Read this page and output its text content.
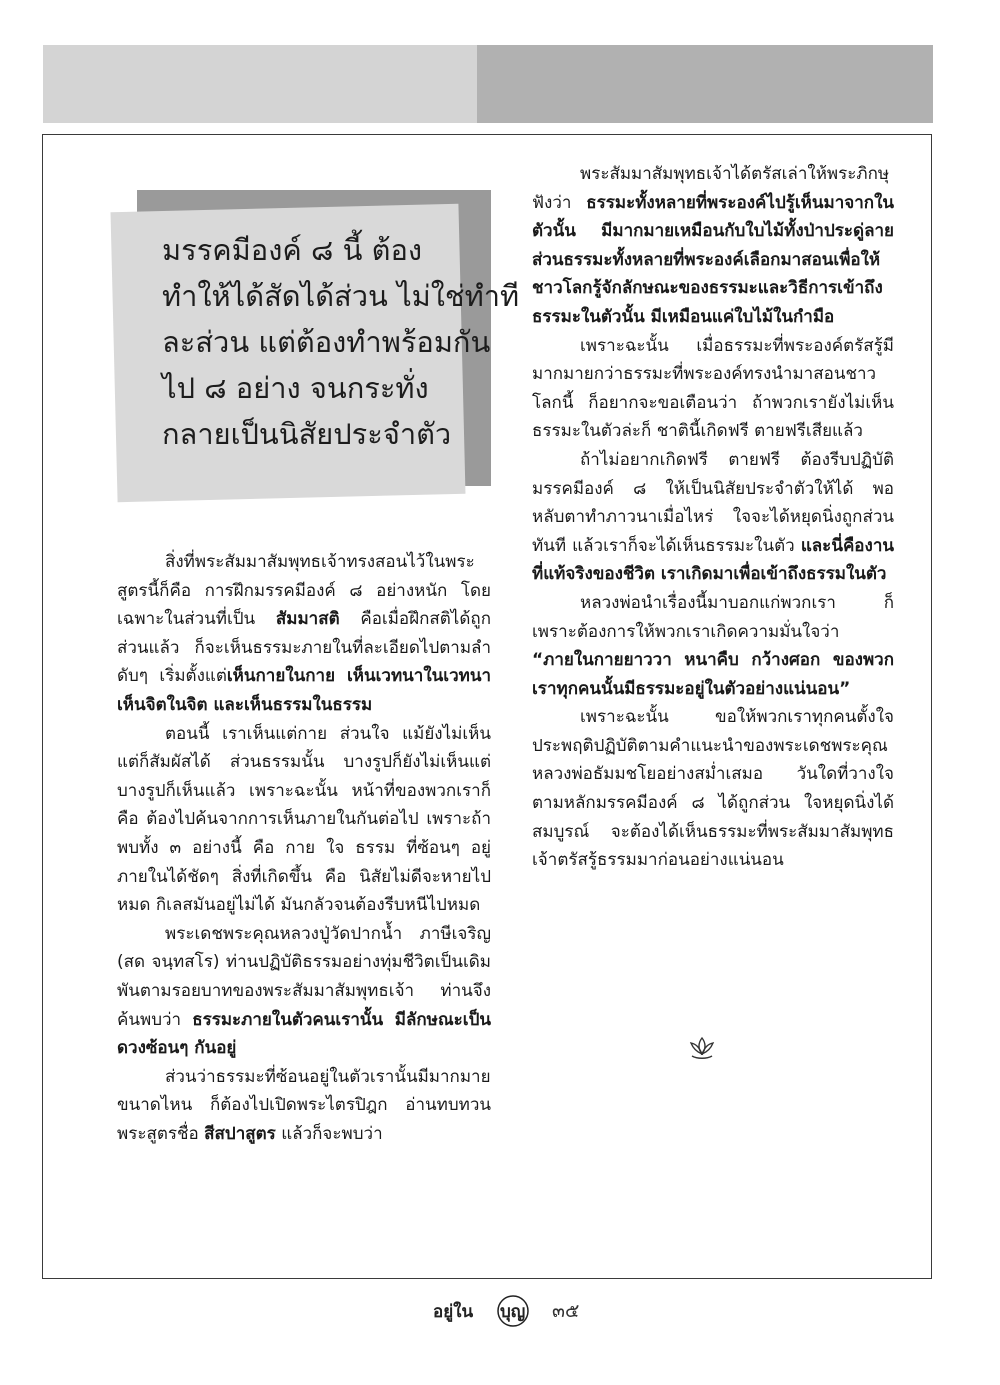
มรรคมีองค์ ๘ นี้ ต้อง
ทำให้ได้สัดได้ส่วน ไม่ใช่ทำที
ละส่วน แต่ต้องทำพร้อมกัน
ไป ๘ อย่าง จนกระทั่ง
กลายเป็นนิสัยประจำตัว

สิ่งที่พระสัมมาสัมพุทธเจ้าทรงสอนไว้ในพระสูตรนี้ก็คือ การฝึกมรรคมีองค์ ๘ อย่างหนัก โดยเฉพาะในส่วนที่เป็น สัมมาสติ คือเมื่อฝึกสติได้ถูกส่วนแล้ว ก็จะเห็นธรรมะภายในที่ละเอียดไปตามลำดับๆ เริ่มตั้งแต่เห็นกายในกาย เห็นเวทนาในเวทนา เห็นจิตในจิต และเห็นธรรมในธรรม

ตอนนี้ เราเห็นแต่กาย ส่วนใจ แม้ยังไม่เห็นแต่ก็สัมผัสได้ ส่วนธรรมนั้น บางรูปก็ยังไม่เห็นแต่บางรูปก็เห็นแล้ว เพราะฉะนั้น หน้าที่ของพวกเราก็คือ ต้องไปค้นจากการเห็นภายในกันต่อไป เพราะถ้าพบทั้ง ๓ อย่างนี้ คือ กาย ใจ ธรรม ที่ซ้อนๆ อยู่ภายในได้ชัดๆ สิ่งที่เกิดขึ้น คือ นิสัยไม่ดีจะหายไปหมด กิเลสมันอยู่ไม่ได้ มันกลัวจนต้องรีบหนีไปหมด

พระเดชพระคุณหลวงปู่วัดปากน้ำ ภาษีเจริญ (สด จนฺทสโร) ท่านปฏิบัติธรรมอย่างทุ่มชีวิตเป็นเดิมพันตามรอยบาทของพระสัมมาสัมพุทธเจ้า ท่านจึงค้นพบว่า ธรรมะภายในตัวคนเรานั้น มีลักษณะเป็นดวงซ้อนๆ กันอยู่

ส่วนว่าธรรมะที่ซ้อนอยู่ในตัวเรานั้นมีมากมายขนาดไหน ก็ต้องไปเปิดพระไตรปิฎก อ่านทบทวนพระสูตรชื่อ สีสปาสูตร แล้วก็จะพบว่า

พระสัมมาสัมพุทธเจ้าได้ตรัสเล่าให้พระภิกษุฟังว่า ธรรมะทั้งหลายที่พระองค์ไปรู้เห็นมาจากในตัวนั้น มีมากมายเหมือนกับใบไม้ทั้งป่าประดู่ลาย ส่วนธรรมะทั้งหลายที่พระองค์เลือกมาสอนเพื่อให้ชาวโลกรู้จักลักษณะของธรรมะและวิธีการเข้าถึงธรรมะในตัวนั้น มีเหมือนแค่ใบไม้ในกำมือ

เพราะฉะนั้น เมื่อธรรมะที่พระองค์ตรัสรู้มีมากมายกว่าธรรมะที่พระองค์ทรงนำมาสอนชาวโลกนี้ ก็อยากจะขอเตือนว่า ถ้าพวกเรายังไม่เห็นธรรมะในตัวล่ะก็ ชาตินี้เกิดฟรี ตายฟรีเสียแล้ว

ถ้าไม่อยากเกิดฟรี ตายฟรี ต้องรีบปฏิบัติมรรคมีองค์ ๘ ให้เป็นนิสัยประจำตัวให้ได้ พอหลับตาทำภาวนาเมื่อไหร่ ใจจะได้หยุดนิ่งถูกส่วนทันที แล้วเราก็จะได้เห็นธรรมะในตัว และนี่คืองานที่แท้จริงของชีวิต เราเกิดมาเพื่อเข้าถึงธรรมในตัว

หลวงพ่อนำเรื่องนี้มาบอกแก่พวกเรา ก็เพราะต้องการให้พวกเราเกิดความมั่นใจว่า “ภายในกายยาววา หนาคืบ กว้างศอก ของพวกเราทุกคนนั้นมีธรรมะอยู่ในตัวอย่างแน่นอน”

เพราะฉะนั้น ขอให้พวกเราทุกคนตั้งใจประพฤติปฏิบัติตามคำแนะนำของพระเดชพระคุณหลวงพ่อธัมมชโยอย่างสม่ำเสมอ วันใดที่วางใจตามหลักมรรคมีองค์ ๘ ได้ถูกส่วน ใจหยุดนิ่งได้สมบูรณ์ จะต้องได้เห็นธรรมะที่พระสัมมาสัมพุทธเจ้าตรัสรู้ธรรมมาก่อนอย่างแน่นอน

อยู่ใน บุญ ๓๕
